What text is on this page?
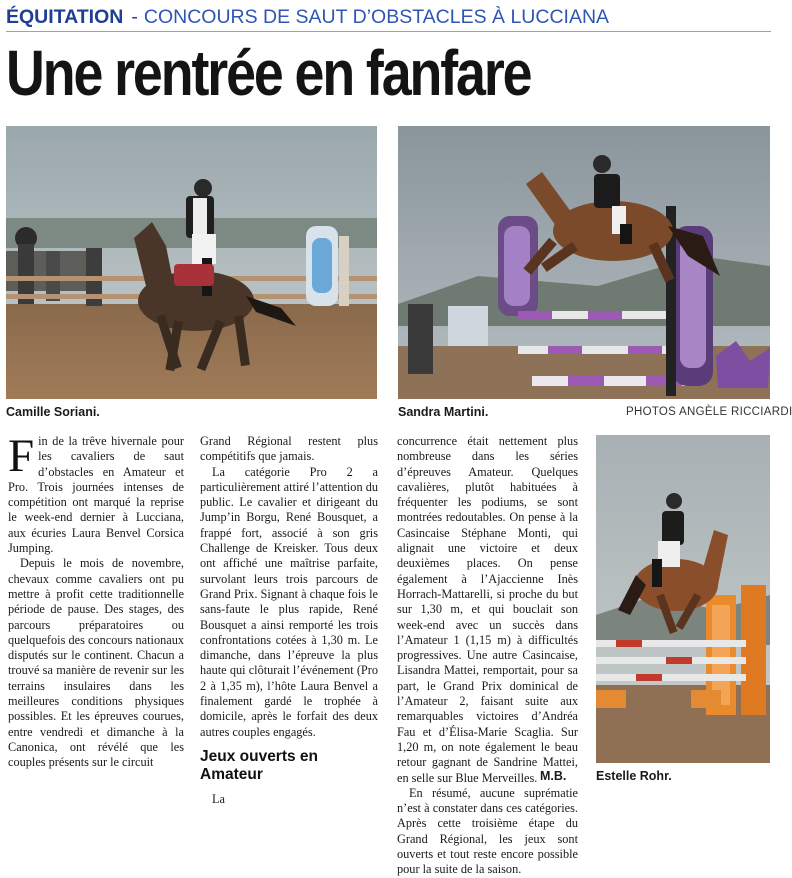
ÉQUITATION - CONCOURS DE SAUT D’OBSTACLES À LUCCIANA
Une rentrée en fanfare
Camille Soriani.	Sandra Martini.	PHOTOS ANGÈLE RICCIARDI
Estelle Rohr.

Fin de la trêve hivernale pour les cavaliers de saut d’obstacles en Amateur et Pro. Trois journées intenses de compétition ont marqué la reprise le week-end dernier à Lucciana, aux écuries Laura Benvel Corsica Jumping.

Depuis le mois de novembre, chevaux comme cavaliers ont pu mettre à profit cette traditionnelle période de pause. Des stages, des parcours préparatoires ou quelquefois des concours nationaux disputés sur le continent. Chacun a trouvé sa manière de revenir sur les terrains insulaires dans les meilleures conditions physiques possibles. Et les épreuves courues, entre vendredi et dimanche à la Canonica, ont révélé que les couples présents sur le circuit

Grand Régional restent plus compétitifs que jamais.

La catégorie Pro 2 a particulièrement attiré l’attention du public. Le cavalier et dirigeant du Jump’in Borgu, René Bousquet, a frappé fort, associé à son gris Challenge de Kreisker. Tous deux ont affiché une maîtrise parfaite, survolant leurs trois parcours de Grand Prix. Signant à chaque fois le sans-faute le plus rapide, René Bousquet a ainsi remporté les trois confrontations cotées à 1,30 m. Le dimanche, dans l’épreuve la plus haute qui clôturait l’événement (Pro 2 à 1,35 m), l’hôte Laura Benvel a finalement gardé le trophée à domicile, après le forfait des deux autres couples engagés.

Jeux ouverts en Amateur

La

concurrence était nettement plus nombreuse dans les séries d’épreuves Amateur. Quelques cavalières, plutôt habituées à fréquenter les podiums, se sont montrées redoutables. On pense à la Casincaise Stéphane Monti, qui alignait une victoire et deux deuxièmes places. On pense également à l’Ajaccienne Inès Horrach-Mattarelli, si proche du but sur 1,30 m, et qui bouclait son week-end avec un succès dans l’Amateur 1 (1,15 m) à difficultés progressives. Une autre Casincaise, Lisandra Mattei, remportait, pour sa part, le Grand Prix dominical de l’Amateur 2, faisant suite aux remarquables victoires d’Andréa Fau et d’Élisa-Marie Scaglia. Sur 1,20 m, on note également le beau retour gagnant de Sandrine Mattei, en selle sur Blue Merveilles.

En résumé, aucune suprématie n’est à constater dans ces catégories. Après cette troisième étape du Grand Régional, les jeux sont ouverts et tout reste encore possible pour la suite de la saison.

M.B.
